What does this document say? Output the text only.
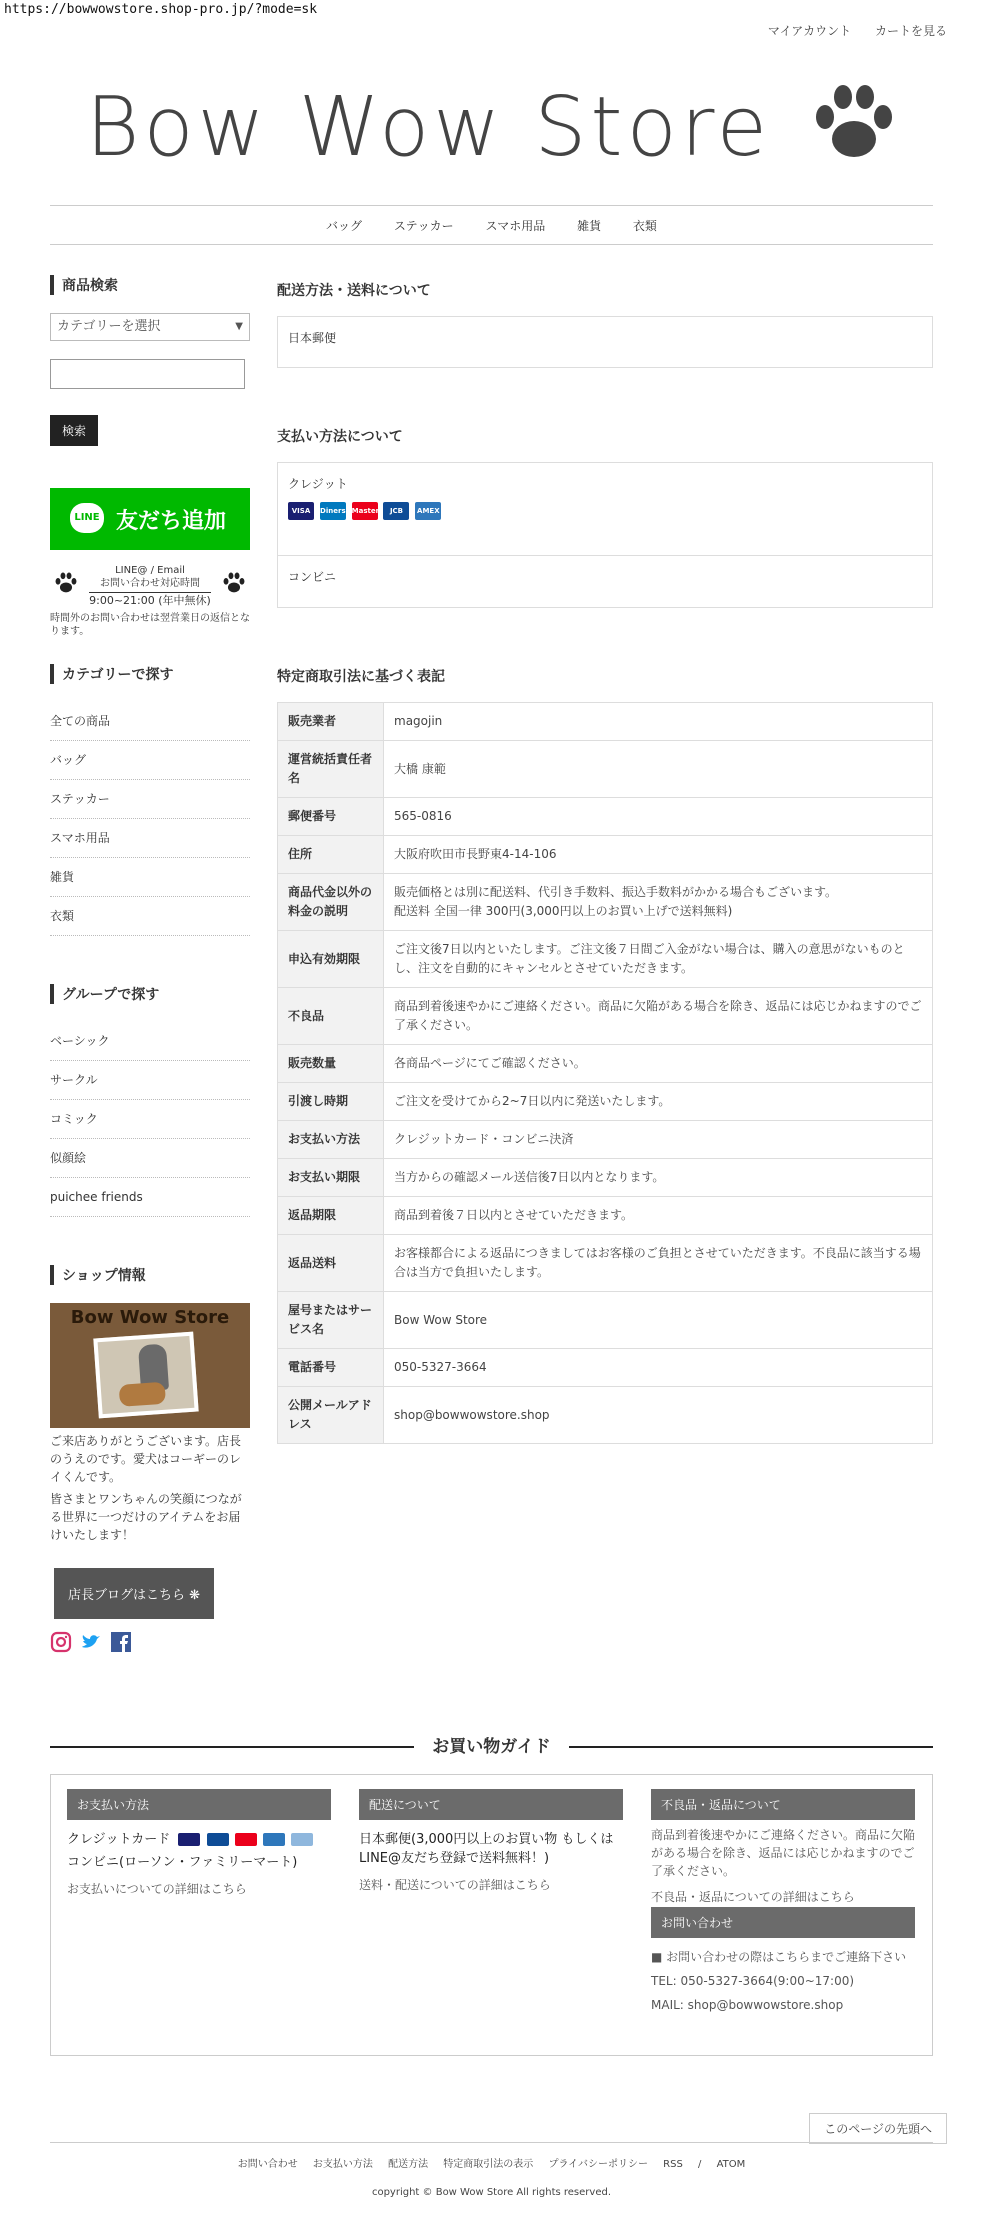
https://bowwowstore.shop-pro.jp/?mode=sk
マイアカウント カートを見る
Bow Wow Store
バッグ	ステッカー	スマホ用品	雑貨	衣類
商品検索
カテゴリーを選択	▼
検索
LINE 友だち追加
LINE@ / Email
お問い合わせ対応時間
9:00~21:00 (年中無休)
時間外のお問い合わせは翌営業日の返信となります。
カテゴリーで探す
全ての商品
バッグ
ステッカー
スマホ用品
雑貨
衣類
グループで探す
ベーシック
サークル
コミック
似顔絵
puichee friends
ショップ情報
Bow Wow Store
ご来店ありがとうございます。店長のうえのです。愛犬はコーギーのレイくんです。
皆さまとワンちゃんの笑顔につながる世界に一つだけのアイテムをお届けいたします！
店長ブログはこちら ❋

配送方法・送料について
日本郵便
支払い方法について
クレジット
VISA Diners Master JCB AMEX
コンビニ
特定商取引法に基づく表記
販売業者	magojin
運営統括責任者名	大橋 康範
郵便番号	565-0816
住所	大阪府吹田市長野東4-14-106
商品代金以外の料金の説明	販売価格とは別に配送料、代引き手数料、振込手数料がかかる場合もございます。
配送料 全国一律 300円(3,000円以上のお買い上げで送料無料)
申込有効期限	ご注文後7日以内といたします。ご注文後７日間ご入金がない場合は、購入の意思がないものとし、注文を自動的にキャンセルとさせていただきます。
不良品	商品到着後速やかにご連絡ください。商品に欠陥がある場合を除き、返品には応じかねますのでご了承ください。
販売数量	各商品ページにてご確認ください。
引渡し時期	ご注文を受けてから2~7日以内に発送いたします。
お支払い方法	クレジットカード・コンビニ決済
お支払い期限	当方からの確認メール送信後7日以内となります。
返品期限	商品到着後７日以内とさせていただきます。
返品送料	お客様都合による返品につきましてはお客様のご負担とさせていただきます。不良品に該当する場合は当方で負担いたします。
屋号またはサービス名	Bow Wow Store
電話番号	050-5327-3664
公開メールアドレス	shop@bowwowstore.shop
お買い物ガイド
お支払い方法
クレジットカード
コンビニ(ローソン・ファミリーマート)
お支払いについての詳細はこちら
配送について
日本郵便(3,000円以上のお買い物 もしくは LINE@友だち登録で送料無料！)
送料・配送についての詳細はこちら
不良品・返品について
商品到着後速やかにご連絡ください。商品に欠陥がある場合を除き、返品には応じかねますのでご了承ください。
不良品・返品についての詳細はこちら
お問い合わせ
■ お問い合わせの際はこちらまでご連絡下さい
TEL: 050-5327-3664(9:00~17:00)
MAIL: shop@bowwowstore.shop
このページの先頭へ
お問い合わせ お支払い方法 配送方法 特定商取引法の表示 プライバシーポリシー RSS / ATOM
copyright © Bow Wow Store All rights reserved.
